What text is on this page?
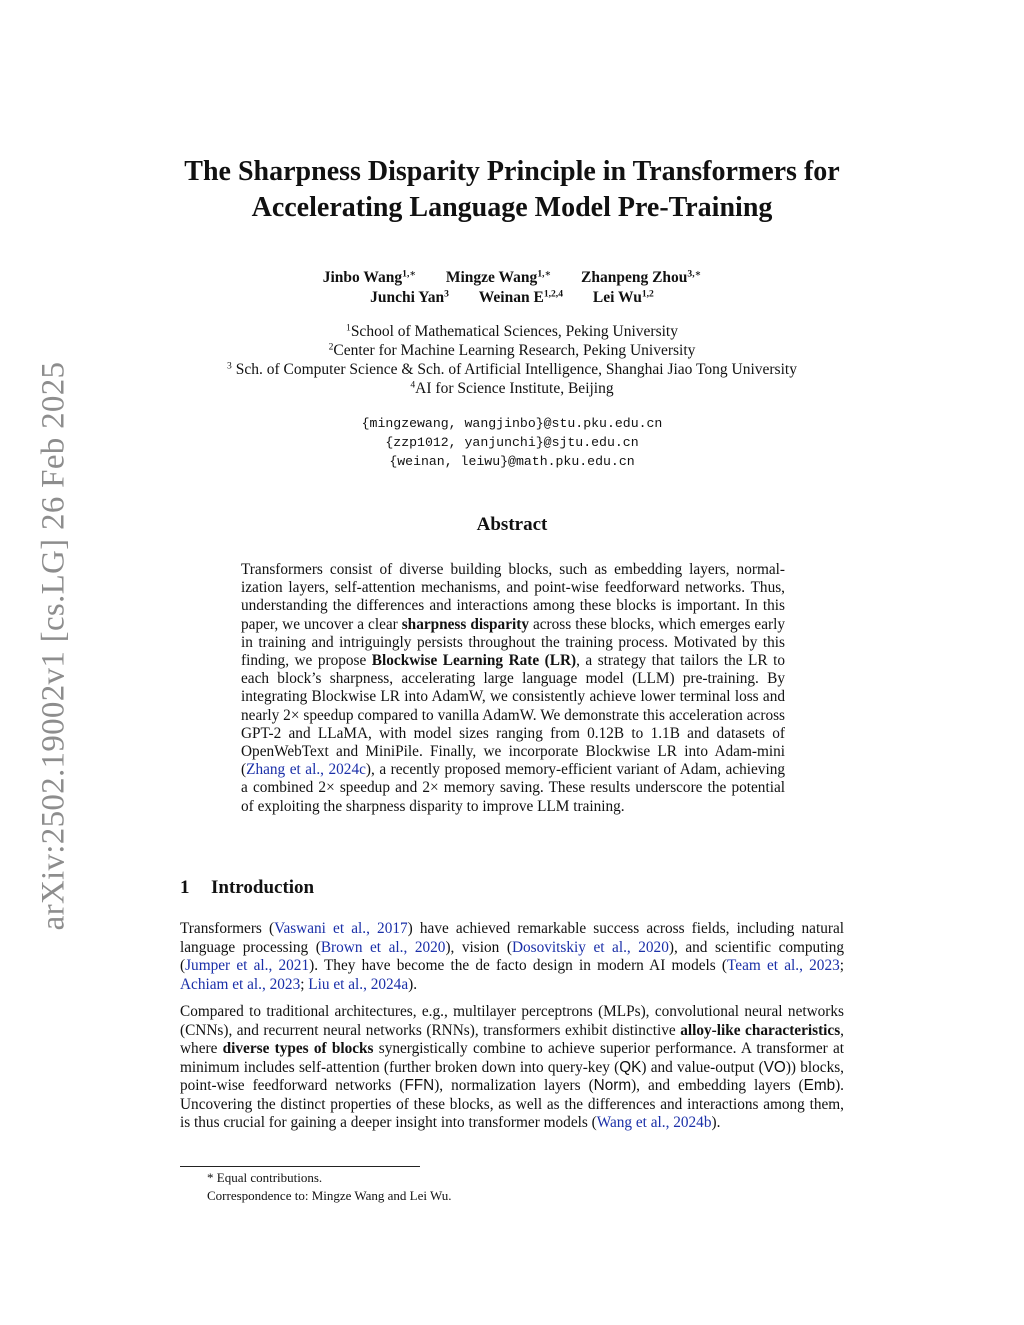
arXiv:2502.19002v1 [cs.LG] 26 Feb 2025
The Sharpness Disparity Principle in Transformers for
Accelerating Language Model Pre-Training
Jinbo Wang$^{1,∗}$ Mingze Wang$^{1,∗}$ Zhanpeng Zhou$^{3,∗}$
Junchi Yan$^3$ Weinan E$^{1,2,4}$ Lei Wu$^{1,2}$
$^1$School of Mathematical Sciences, Peking University
$^2$Center for Machine Learning Research, Peking University
$^3$ Sch. of Computer Science & Sch. of Artificial Intelligence, Shanghai Jiao Tong University
$^4$AI for Science Institute, Beijing
{mingzewang, wangjinbo}@stu.pku.edu.cn
{zzp1012, yanjunchi}@sjtu.edu.cn
{weinan, leiwu}@math.pku.edu.cn
Abstract
Transformers consist of diverse building blocks, such as embedding layers, normalization layers, self-attention mechanisms, and point-wise feedforward networks. Thus, understanding the differences and interactions among these blocks is important. In this paper, we uncover a clear sharpness disparity across these blocks, which emerges early in training and intriguingly persists throughout the training process. Motivated by this finding, we propose Blockwise Learning Rate (LR), a strategy that tailors the LR to each block’s sharpness, accelerating large language model (LLM) pre-training. By integrating Blockwise LR into AdamW, we consistently achieve lower terminal loss and nearly 2× speedup compared to vanilla AdamW. We demonstrate this acceleration across GPT-2 and LLaMA, with model sizes ranging from 0.12B to 1.1B and datasets of OpenWebText and MiniPile. Finally, we incorporate Blockwise LR into Adam-mini (Zhang et al., 2024c), a recently proposed memory-efficient variant of Adam, achieving a combined 2× speedup and 2× memory saving. These results underscore the potential of exploiting the sharpness disparity to improve LLM training.
1 Introduction
Transformers (Vaswani et al., 2017) have achieved remarkable success across fields, including natural language processing (Brown et al., 2020), vision (Dosovitskiy et al., 2020), and scientific computing (Jumper et al., 2021). They have become the de facto design in modern AI models (Team et al., 2023; Achiam et al., 2023; Liu et al., 2024a).
Compared to traditional architectures, e.g., multilayer perceptrons (MLPs), convolutional neural networks (CNNs), and recurrent neural networks (RNNs), transformers exhibit distinctive alloy-like characteristics, where diverse types of blocks synergistically combine to achieve superior performance. A transformer at minimum includes self-attention (further broken down into query-key (QK) and value-output (VO)) blocks, point-wise feedforward networks (FFN), normalization layers (Norm), and embedding layers (Emb). Uncovering the distinct properties of these blocks, as well as the differences and interactions among them, is thus crucial for gaining a deeper insight into transformer models (Wang et al., 2024b).
* Equal contributions.
Correspondence to: Mingze Wang and Lei Wu.
